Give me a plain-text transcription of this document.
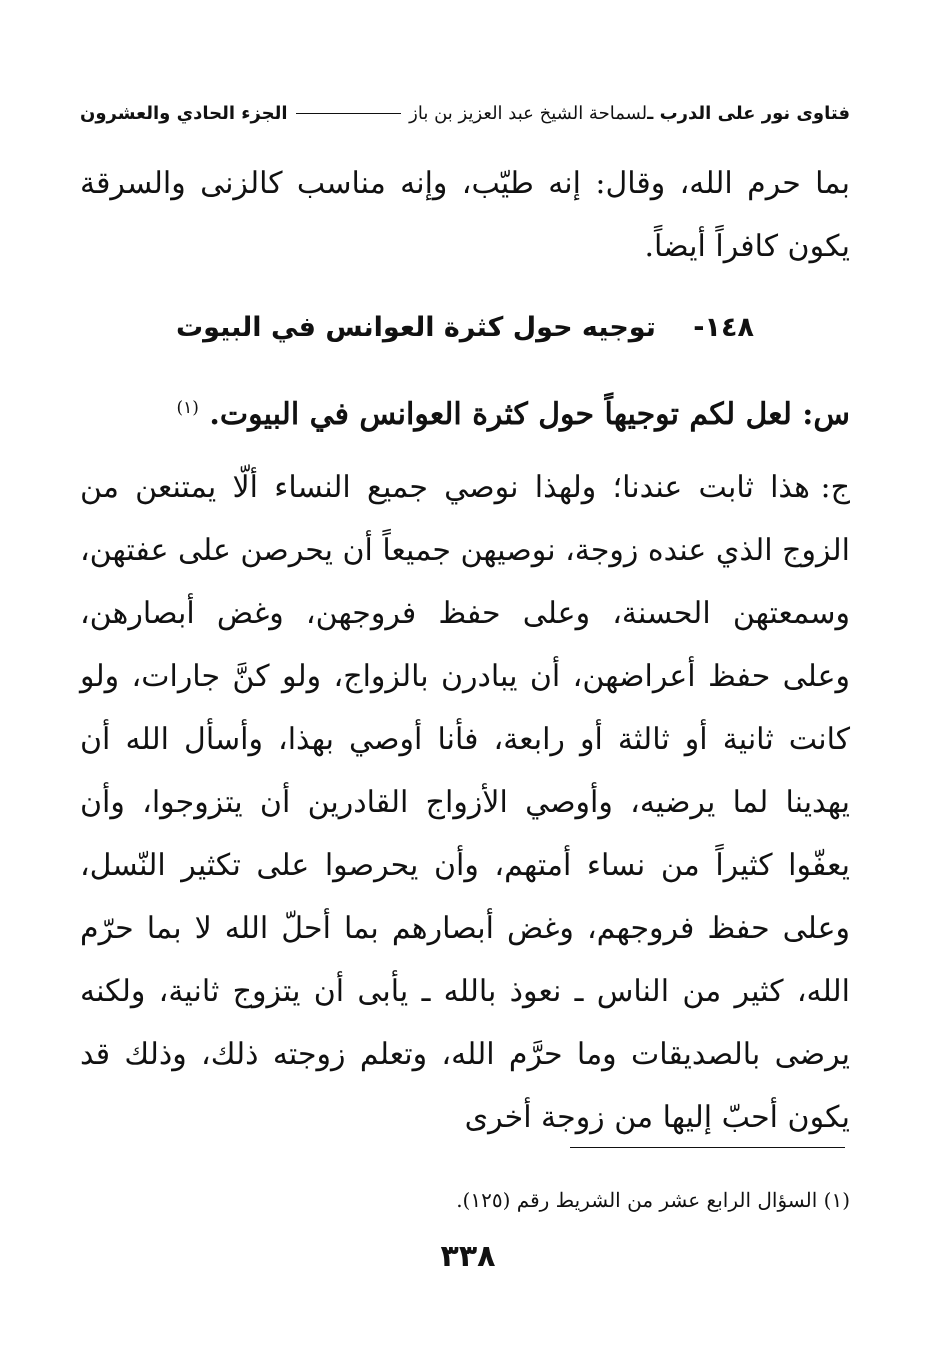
فتاوى نور على الدرب ـ
لسماحة الشيخ عبد العزيز بن باز
الجزء الحادي والعشرون

بما حرم الله، وقال: إنه طيّب، وإنه مناسب كالزنى والسرقة يكون كافراً أيضاً.

١٤٨- توجيه حول كثرة العوانس في البيوت
س: لعل لكم توجيهاً حول كثرة العوانس في البيوت. $^{(١)}$

ج:هذا ثابت عندنا؛ ولهذا نوصي جميع النساء ألّا يمتنعن من الزوج الذي عنده زوجة، نوصيهن جميعاً أن يحرصن على عفتهن، وسمعتهن الحسنة، وعلى حفظ فروجهن، وغض أبصارهن، وعلى حفظ أعراضهن، أن يبادرن بالزواج، ولو كنَّ جارات، ولو كانت ثانية أو ثالثة أو رابعة، فأنا أوصي بهذا، وأسأل الله أن يهدينا لما يرضيه، وأوصي الأزواج القادرين أن يتزوجوا، وأن يعفّوا كثيراً من نساء أمتهم، وأن يحرصوا على تكثير النّسل، وعلى حفظ فروجهم، وغض أبصارهم بما أحلّ الله لا بما حرّم الله، كثير من الناس ـ نعوذ بالله ـ يأبى أن يتزوج ثانية، ولكنه يرضى بالصديقات وما حرَّم الله، وتعلم زوجته ذلك، وذلك قد يكون أحبّ إليها من زوجة أخرى

(١) السؤال الرابع عشر من الشريط رقم (١٢٥).
٣٣٨
